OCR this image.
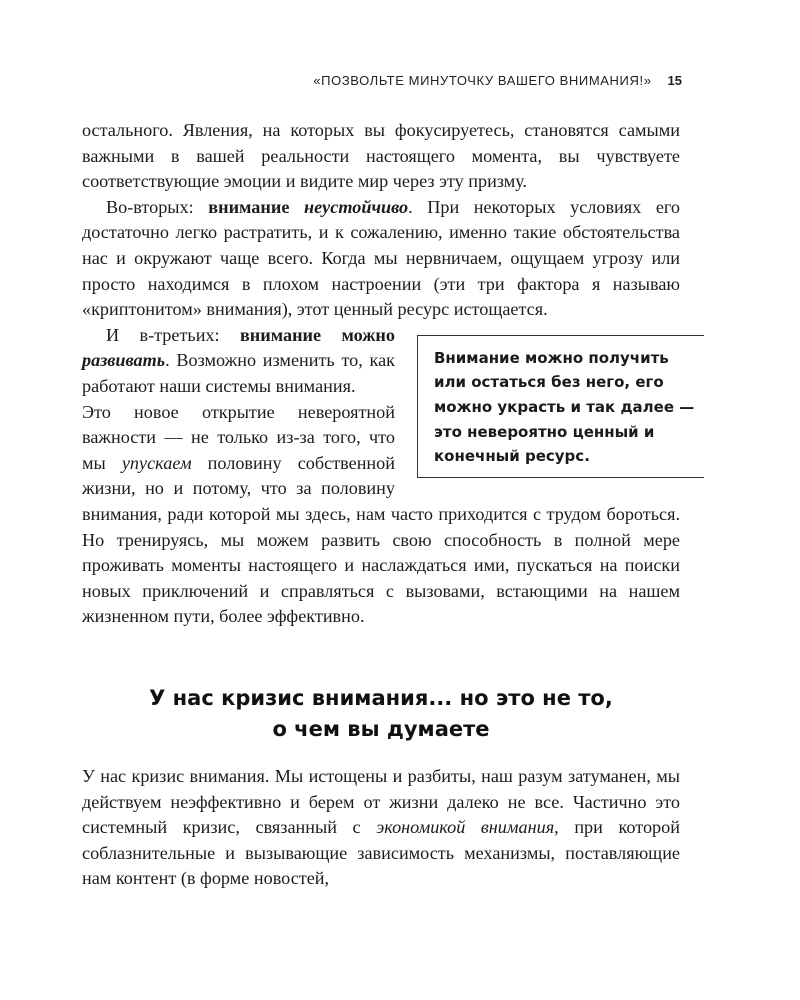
«ПОЗВОЛЬТЕ МИНУТОЧКУ ВАШЕГО ВНИМАНИЯ!» 15

остального. Явления, на которых вы фокусируетесь, становятся самыми важными в вашей реальности настоящего момента, вы чувствуете соответствующие эмоции и видите мир через эту призму.

Во-вторых: внимание неустойчиво. При некоторых условиях его достаточно легко растратить, и к сожалению, именно такие обстоятельства нас и окружают чаще всего. Когда мы нервничаем, ощущаем угрозу или просто находимся в плохом настроении (эти три фактора я называю «криптонитом» внимания), этот ценный ресурс истощается.

Внимание можно получить или остаться без него, его можно украсть и так далее — это невероятно ценный и конечный ресурс.

И в-третьих: внимание можно развивать. Возможно изменить то, как работают наши системы внимания.

Это новое открытие невероятной важности — не только из-за того, что мы упускаем половину собственной жизни, но и потому, что за половину внимания, ради которой мы здесь, нам часто приходится с трудом бороться. Но тренируясь, мы можем развить свою способность в полной мере проживать моменты настоящего и наслаждаться ими, пускаться на поиски новых приключений и справляться с вызовами, встающими на нашем жизненном пути, более эффективно.

У нас кризис внимания... но это не то,
о чем вы думаете

У нас кризис внимания. Мы истощены и разбиты, наш разум затуманен, мы действуем неэффективно и берем от жизни далеко не все. Частично это системный кризис, связанный с экономикой внимания, при которой соблазнительные и вызывающие зависимость механизмы, поставляющие нам контент (в форме новостей,
